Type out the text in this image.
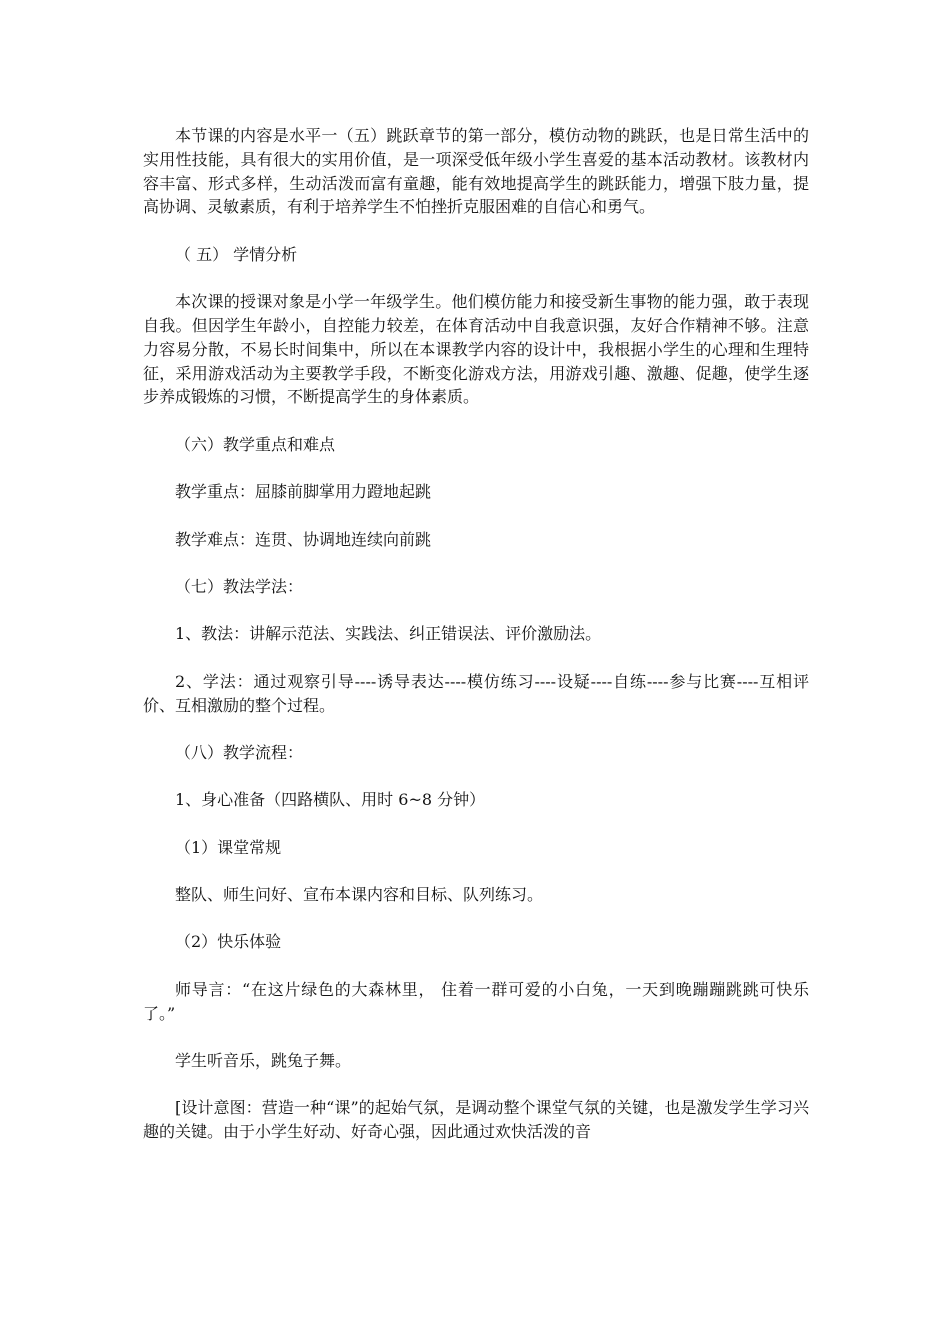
本节课的内容是水平一（五）跳跃章节的第一部分，模仿动物的跳跃，也是日常生活中的实用性技能，具有很大的实用价值，是一项深受低年级小学生喜爱的基本活动教材。该教材内容丰富、形式多样，生动活泼而富有童趣，能有效地提高学生的跳跃能力，增强下肢力量，提高协调、灵敏素质，有利于培养学生不怕挫折克服困难的自信心和勇气。

（ 五） 学情分析

本次课的授课对象是小学一年级学生。他们模仿能力和接受新生事物的能力强，敢于表现自我。但因学生年龄小，自控能力较差，在体育活动中自我意识强，友好合作精神不够。注意力容易分散，不易长时间集中，所以在本课教学内容的设计中，我根据小学生的心理和生理特征，采用游戏活动为主要教学手段，不断变化游戏方法，用游戏引趣、激趣、促趣，使学生逐步养成锻炼的习惯，不断提高学生的身体素质。

（六）教学重点和难点

教学重点：屈膝前脚掌用力蹬地起跳

教学难点：连贯、协调地连续向前跳

（七）教法学法：

1、教法：讲解示范法、实践法、纠正错误法、评价激励法。

2、学法：通过观察引导----诱导表达----模仿练习----设疑----自练----参与比赛----互相评价、互相激励的整个过程。

（八）教学流程：

1、身心准备（四路横队、用时 6~8 分钟）

（1）课堂常规

整队、师生问好、宣布本课内容和目标、队列练习。

（2）快乐体验

师导言：“在这片绿色的大森林里， 住着一群可爱的小白兔，一天到晚蹦蹦跳跳可快乐了。”

学生听音乐，跳兔子舞。

[设计意图：营造一种“课”的起始气氛，是调动整个课堂气氛的关键，也是激发学生学习兴趣的关键。由于小学生好动、好奇心强，因此通过欢快活泼的音
